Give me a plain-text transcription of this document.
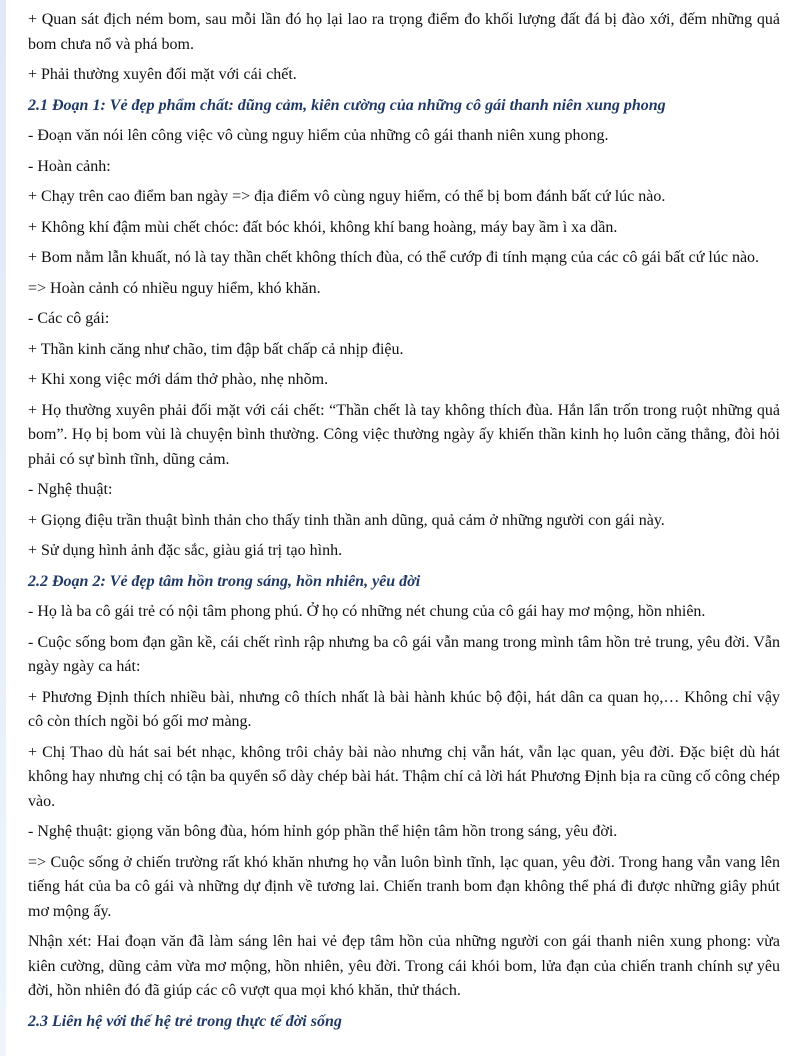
+ Quan sát địch ném bom, sau mỗi lần đó họ lại lao ra trọng điểm đo khối lượng đất đá bị đào xới, đếm những quả bom chưa nổ và phá bom.

+ Phải thường xuyên đối mặt với cái chết.

2.1 Đoạn 1: Vẻ đẹp phẩm chất: dũng cảm, kiên cường của những cô gái thanh niên xung phong

- Đoạn văn nói lên công việc vô cùng nguy hiểm của những cô gái thanh niên xung phong.

- Hoàn cảnh:

+ Chạy trên cao điểm ban ngày => địa điểm vô cùng nguy hiểm, có thể bị bom đánh bất cứ lúc nào.

+ Không khí đậm mùi chết chóc: đất bóc khói, không khí bang hoàng, máy bay ầm ì xa dần.

+ Bom nằm lẫn khuất, nó là tay thần chết không thích đùa, có thể cướp đi tính mạng của các cô gái bất cứ lúc nào.

=> Hoàn cảnh có nhiều nguy hiểm, khó khăn.

- Các cô gái:

+ Thần kinh căng như chão, tim đập bất chấp cả nhịp điệu.

+ Khi xong việc mới dám thở phào, nhẹ nhõm.

+ Họ thường xuyên phải đối mặt với cái chết: “Thần chết là tay không thích đùa. Hắn lẩn trốn trong ruột những quả bom”. Họ bị bom vùi là chuyện bình thường. Công việc thường ngày ấy khiến thần kinh họ luôn căng thẳng, đòi hỏi phải có sự bình tĩnh, dũng cảm.

- Nghệ thuật:

+ Giọng điệu trần thuật bình thản cho thấy tinh thần anh dũng, quả cảm ở những người con gái này.

+ Sử dụng hình ảnh đặc sắc, giàu giá trị tạo hình.

2.2 Đoạn 2: Vẻ đẹp tâm hồn trong sáng, hồn nhiên, yêu đời

- Họ là ba cô gái trẻ có nội tâm phong phú. Ở họ có những nét chung của cô gái hay mơ mộng, hồn nhiên.

- Cuộc sống bom đạn gần kề, cái chết rình rập nhưng ba cô gái vẫn mang trong mình tâm hồn trẻ trung, yêu đời. Vẫn ngày ngày ca hát:

+ Phương Định thích nhiều bài, nhưng cô thích nhất là bài hành khúc bộ đội, hát dân ca quan họ,… Không chỉ vậy cô còn thích ngồi bó gối mơ màng.

+ Chị Thao dù hát sai bét nhạc, không trôi chảy bài nào nhưng chị vẫn hát, vẫn lạc quan, yêu đời. Đặc biệt dù hát không hay nhưng chị có tận ba quyển sổ dày chép bài hát. Thậm chí cả lời hát Phương Định bịa ra cũng cố công chép vào.

- Nghệ thuật: giọng văn bông đùa, hóm hỉnh góp phần thể hiện tâm hồn trong sáng, yêu đời.

=> Cuộc sống ở chiến trường rất khó khăn nhưng họ vẫn luôn bình tĩnh, lạc quan, yêu đời. Trong hang vẫn vang lên tiếng hát của ba cô gái và những dự định về tương lai. Chiến tranh bom đạn không thể phá đi được những giây phút mơ mộng ấy.

Nhận xét: Hai đoạn văn đã làm sáng lên hai vẻ đẹp tâm hồn của những người con gái thanh niên xung phong: vừa kiên cường, dũng cảm vừa mơ mộng, hồn nhiên, yêu đời. Trong cái khói bom, lửa đạn của chiến tranh chính sự yêu đời, hồn nhiên đó đã giúp các cô vượt qua mọi khó khăn, thử thách.

2.3 Liên hệ với thế hệ trẻ trong thực tế đời sống
